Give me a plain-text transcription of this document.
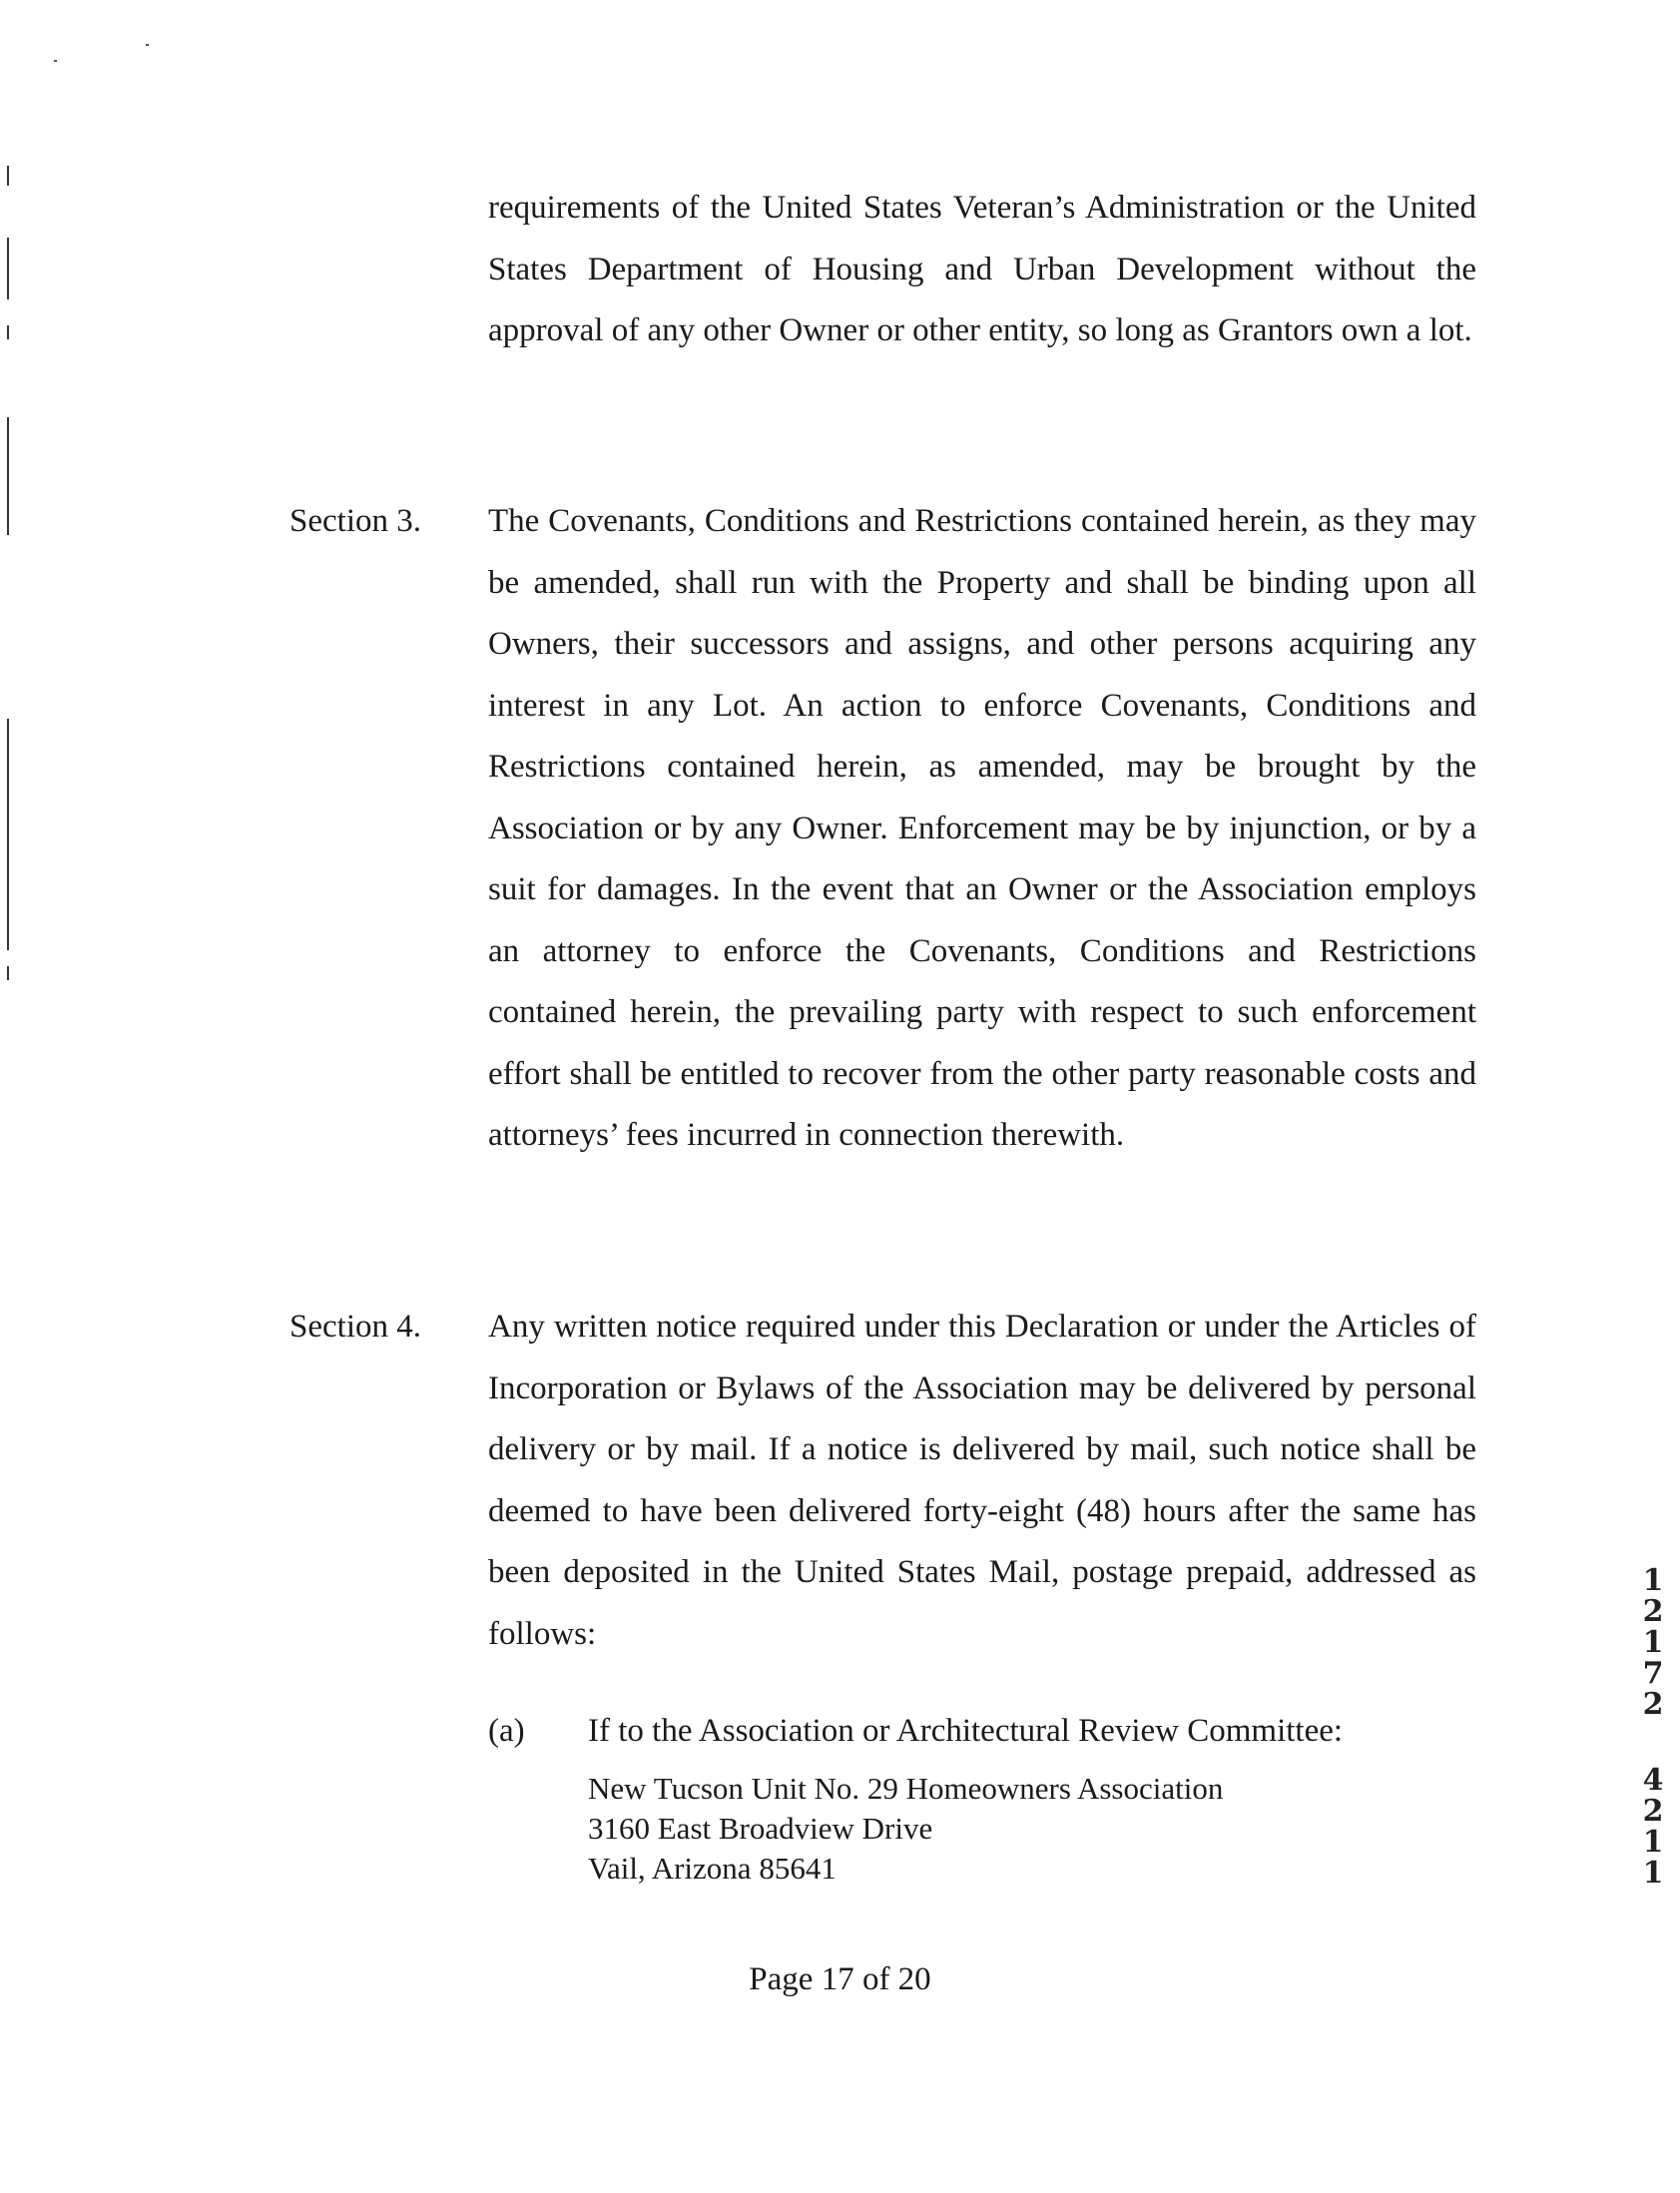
requirements of the United States Veteran’s Administration or the United States Department of Housing and Urban Development without the approval of any other Owner or other entity, so long as Grantors own a lot.

Section 3. The Covenants, Conditions and Restrictions contained herein, as they may be amended, shall run with the Property and shall be binding upon all Owners, their successors and assigns, and other persons acquiring any interest in any Lot. An action to enforce Covenants, Conditions and Restrictions contained herein, as amended, may be brought by the Association or by any Owner. Enforcement may be by injunction, or by a suit for damages. In the event that an Owner or the Association employs an attorney to enforce the Covenants, Conditions and Restrictions contained herein, the prevailing party with respect to such enforcement effort shall be entitled to recover from the other party reasonable costs and attorneys’ fees incurred in connection therewith.

Section 4. Any written notice required under this Declaration or under the Articles of Incorporation or Bylaws of the Association may be delivered by personal delivery or by mail. If a notice is delivered by mail, such notice shall be deemed to have been delivered forty-eight (48) hours after the same has been deposited in the United States Mail, postage prepaid, addressed as follows:

(a) If to the Association or Architectural Review Committee:
New Tucson Unit No. 29 Homeowners Association
3160 East Broadview Drive
Vail, Arizona 85641
Page 17 of 20
1
2
1
7
2
4
2
1
1
